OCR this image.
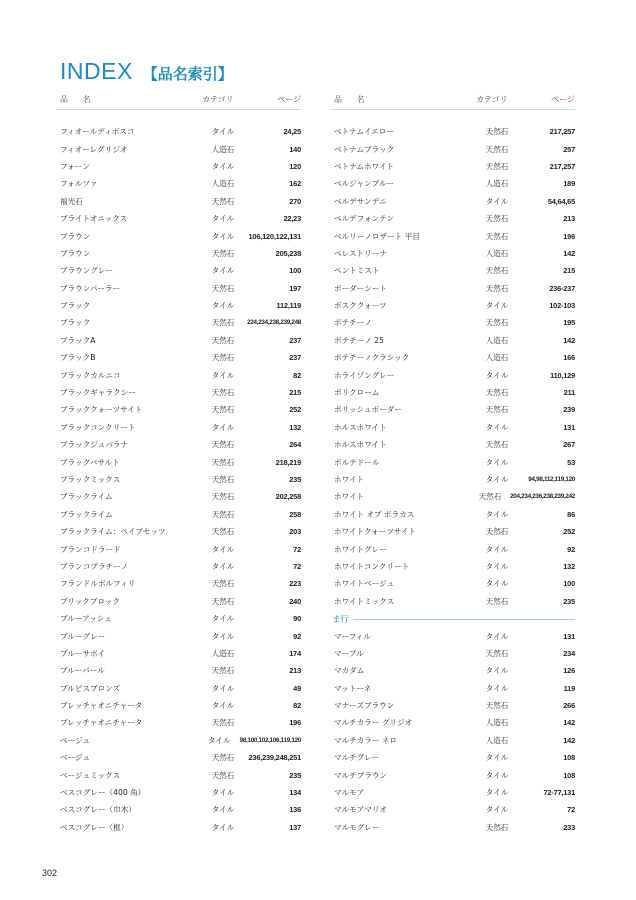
INDEX 【品名索引】
品 名	カテゴリ	ページ
フィオールディボスコ	タイル	24,25
フィオーレグリジオ	人造石	140
フォーン	タイル	120
フォルツァ	人造石	162
福光石	天然石	270
ブライトオニックス	タイル	22,23
ブラウン	タイル	106,120,122,131
ブラウン	天然石	205,238
ブラウングレー	タイル	100
ブラウンパーラー	天然石	197
ブラック	タイル	112,119
ブラック	天然石	224,234,238,239,248
ブラックA	天然石	237
ブラックB	天然石	237
ブラックカルニコ	タイル	82
ブラックギャラクシー	天然石	215
ブラッククォーツサイト	天然石	252
ブラックコンクリート	タイル	132
ブラックジュパラナ	天然石	264
ブラックバサルト	天然石	218,219
ブラックミックス	天然石	235
ブラックライム	天然石	202,258
ブラックライム	天然石	258
ブラックライム：ペイブセッツ	天然石	203
ブランコドラード	タイル	72
ブランコプラチーノ	タイル	72
フランドルボルフィリ	天然石	223
ブリックブロック	天然石	240
ブルーアッシュ	タイル	90
ブルーグレー	タイル	92
ブルーサボイ	人造石	174
ブルーパール	天然石	213
ブルビスブロンズ	タイル	49
ブレッチャオニチャータ	タイル	82
ブレッチャオニチャータ	天然石	196
ベージュ	タイル	98,100,102,106,119,120
ベージュ	天然石	236,239,248,251
ベージュミックス	天然石	235
ベスコグレー（400 角）	タイル	134
ベスコグレー（巾木）	タイル	136
ベスコグレー（框）	タイル	137
品 名	カテゴリ	ページ
ベトナムイエロー	天然石	217,257
ベトナムブラック	天然石	257
ベトナムホワイト	天然石	217,257
ベルジャンブルー	人造石	189
ベルデサンデニ	タイル	54,64,65
ベルデフォンテン	天然石	213
ベルリーノロザート 平目	天然石	196
ベレストリーナ	人造石	142
ペントミスト	天然石	215
ボーダーシート	天然石	236-237
ボスククォーツ	タイル	102-103
ボテチーノ	天然石	195
ボテチーノ 25	人造石	142
ボテチーノクラシック	人造石	166
ホライゾングレー	タイル	110,129
ポリクローム	天然石	211
ポリッシュボーダー	天然石	239
ホルスホワイト	タイル	131
ホルスホワイト	天然石	267
ボルテドール	タイル	53
ホワイト	タイル	94,98,112,119,120
ホワイト	天然石	204,234,236,238,239,242
ホワイト オブ ボラカス	タイル	86
ホワイトクォーツサイト	天然石	252
ホワイトグレー	タイル	92
ホワイトコンクリート	タイル	132
ホワイトベージュ	タイル	100
ホワイトミックス	天然石	235
ま行
マーフィル	タイル	131
マーブル	天然石	234
マカダム	タイル	126
マットーネ	タイル	119
マナーズブラウン	天然石	266
マルチカラー グリジオ	人造石	142
マルチカラー ネロ	人造石	142
マルチグレー	タイル	108
マルチブラウン	タイル	108
マルモア	タイル	72-77,131
マルモアマリオ	タイル	72
マルモグレー	天然石	233
302
